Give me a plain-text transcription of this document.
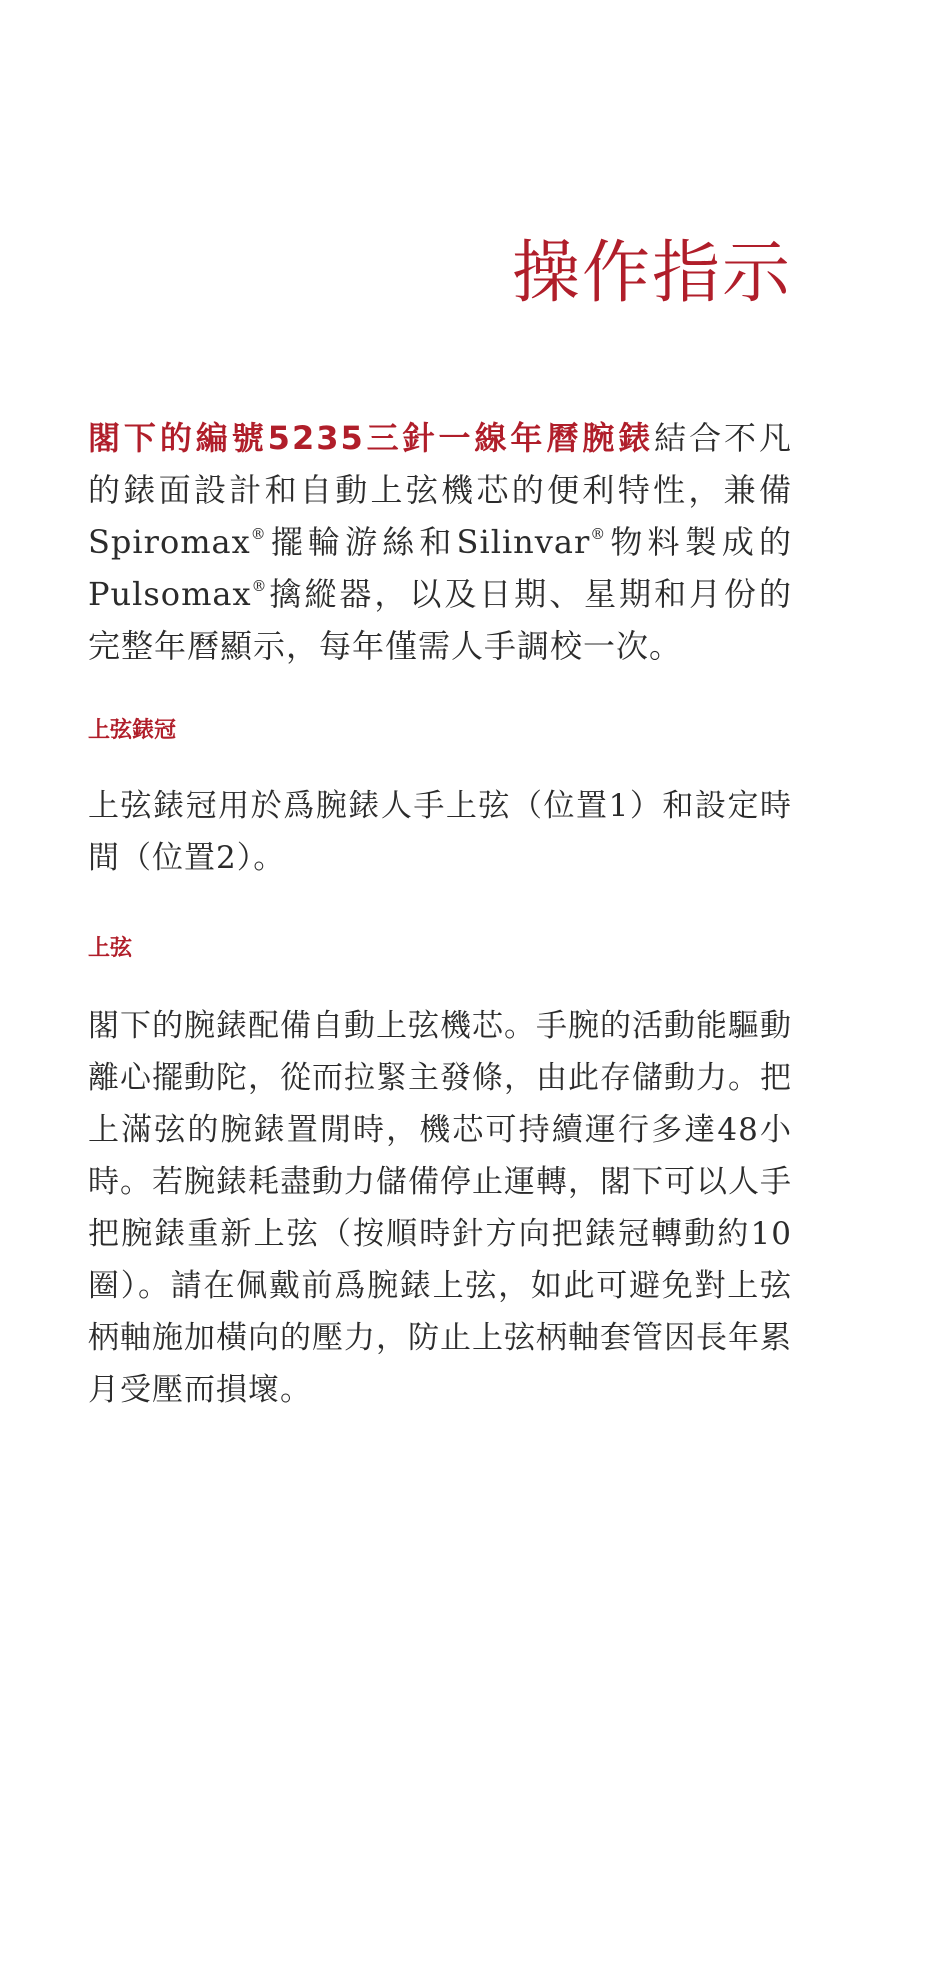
操作指示

閣下的編號5235三針一線年曆腕錶結合不凡的錶面設計和自動上弦機芯的便利特性，兼備Spiromax®擺輪游絲和Silinvar®物料製成的Pulsomax®擒縱器，以及日期、星期和月份的完整年曆顯示，每年僅需人手調校一次。

上弦錶冠

上弦錶冠用於爲腕錶人手上弦（位置1）和設定時間（位置2）。

上弦

閣下的腕錶配備自動上弦機芯。手腕的活動能驅動離心擺動陀，從而拉緊主發條，由此存儲動力。把上滿弦的腕錶置閒時，機芯可持續運行多達48小時。若腕錶耗盡動力儲備停止運轉，閣下可以人手把腕錶重新上弦（按順時針方向把錶冠轉動約10圈）。請在佩戴前爲腕錶上弦，如此可避免對上弦柄軸施加橫向的壓力，防止上弦柄軸套管因長年累月受壓而損壞。
